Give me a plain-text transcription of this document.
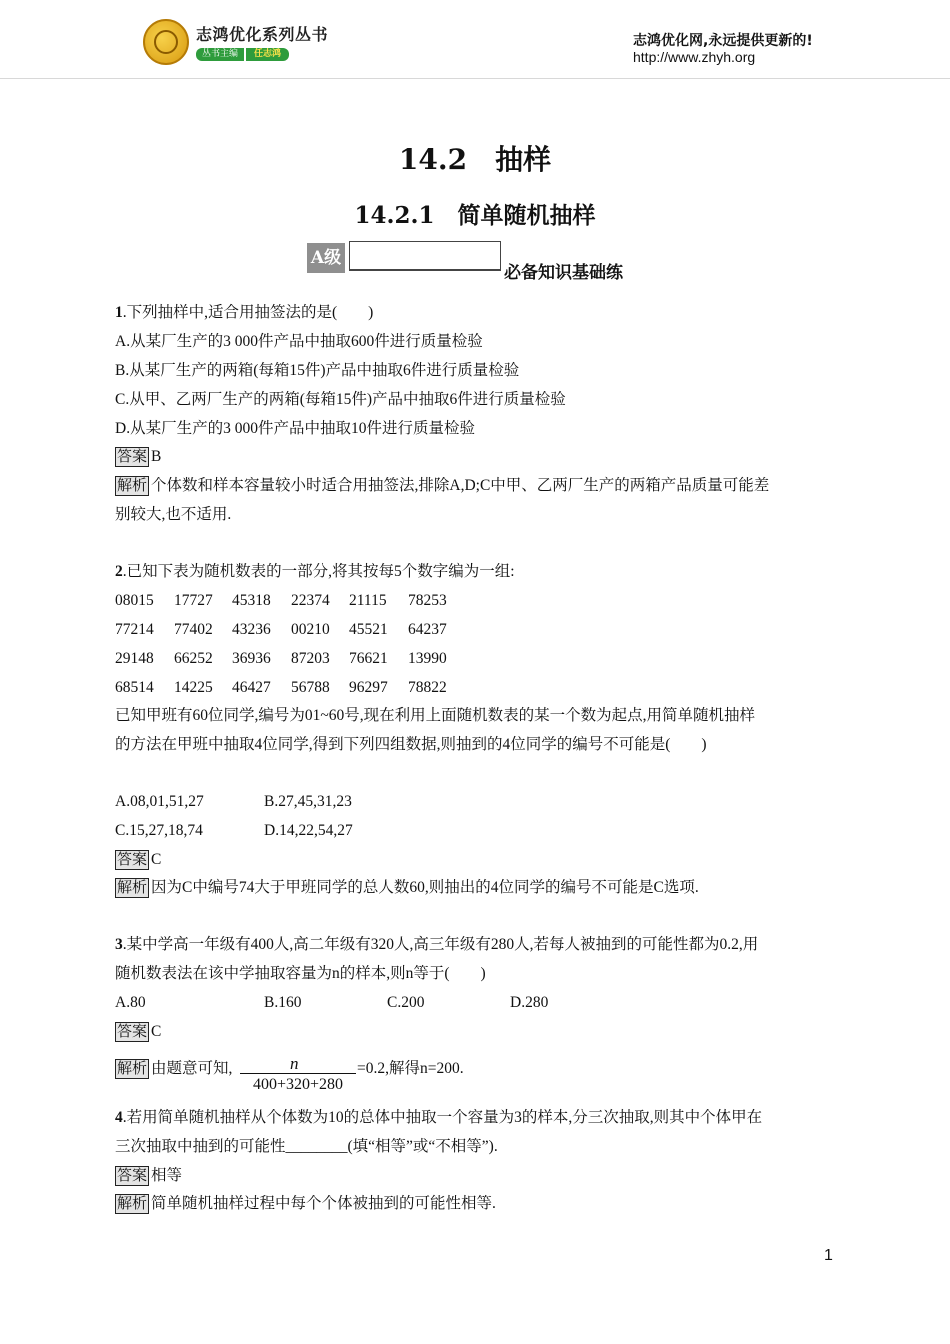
志鸿优化系列丛书
丛书主编	任志鸿
志鸿优化网,永远提供更新的!
http://www.zhyh.org
14.2　抽样
14.2.1　简单随机抽样
A级
必备知识基础练
1.下列抽样中,适合用抽签法的是(　　)
A.从某厂生产的3 000件产品中抽取600件进行质量检验
B.从某厂生产的两箱(每箱15件)产品中抽取6件进行质量检验
C.从甲、乙两厂生产的两箱(每箱15件)产品中抽取6件进行质量检验
D.从某厂生产的3 000件产品中抽取10件进行质量检验
答案 B
解析 个体数和样本容量较小时适合用抽签法,排除A,D;C中甲、乙两厂生产的两箱产品质量可能差
别较大,也不适用.
2.已知下表为随机数表的一部分,将其按每5个数字编为一组:
08015 17727 45318 22374 21115 78253
77214 77402 43236 00210 45521 64237
29148 66252 36936 87203 76621 13990
68514 14225 46427 56788 96297 78822
已知甲班有60位同学,编号为01~60号,现在利用上面随机数表的某一个数为起点,用简单随机抽样
的方法在甲班中抽取4位同学,得到下列四组数据,则抽到的4位同学的编号不可能是(　　)
A.08,01,51,27	B.27,45,31,23
C.15,27,18,74	D.14,22,54,27
答案 C
解析 因为C中编号74大于甲班同学的总人数60,则抽出的4位同学的编号不可能是C选项.
3.某中学高一年级有400人,高二年级有320人,高三年级有280人,若每人被抽到的可能性都为0.2,用
随机数表法在该中学抽取容量为n的样本,则n等于(　　)
A.80	B.160	C.200	D.280
答案 C
解析 由题意可知,	n
400+320+280
=0.2,解得n=200.
4.若用简单随机抽样从个体数为10的总体中抽取一个容量为3的样本,分三次抽取,则其中个体甲在
三次抽取中抽到的可能性________(填“相等”或“不相等”).
答案 相等
解析 简单随机抽样过程中每个个体被抽到的可能性相等.
1
